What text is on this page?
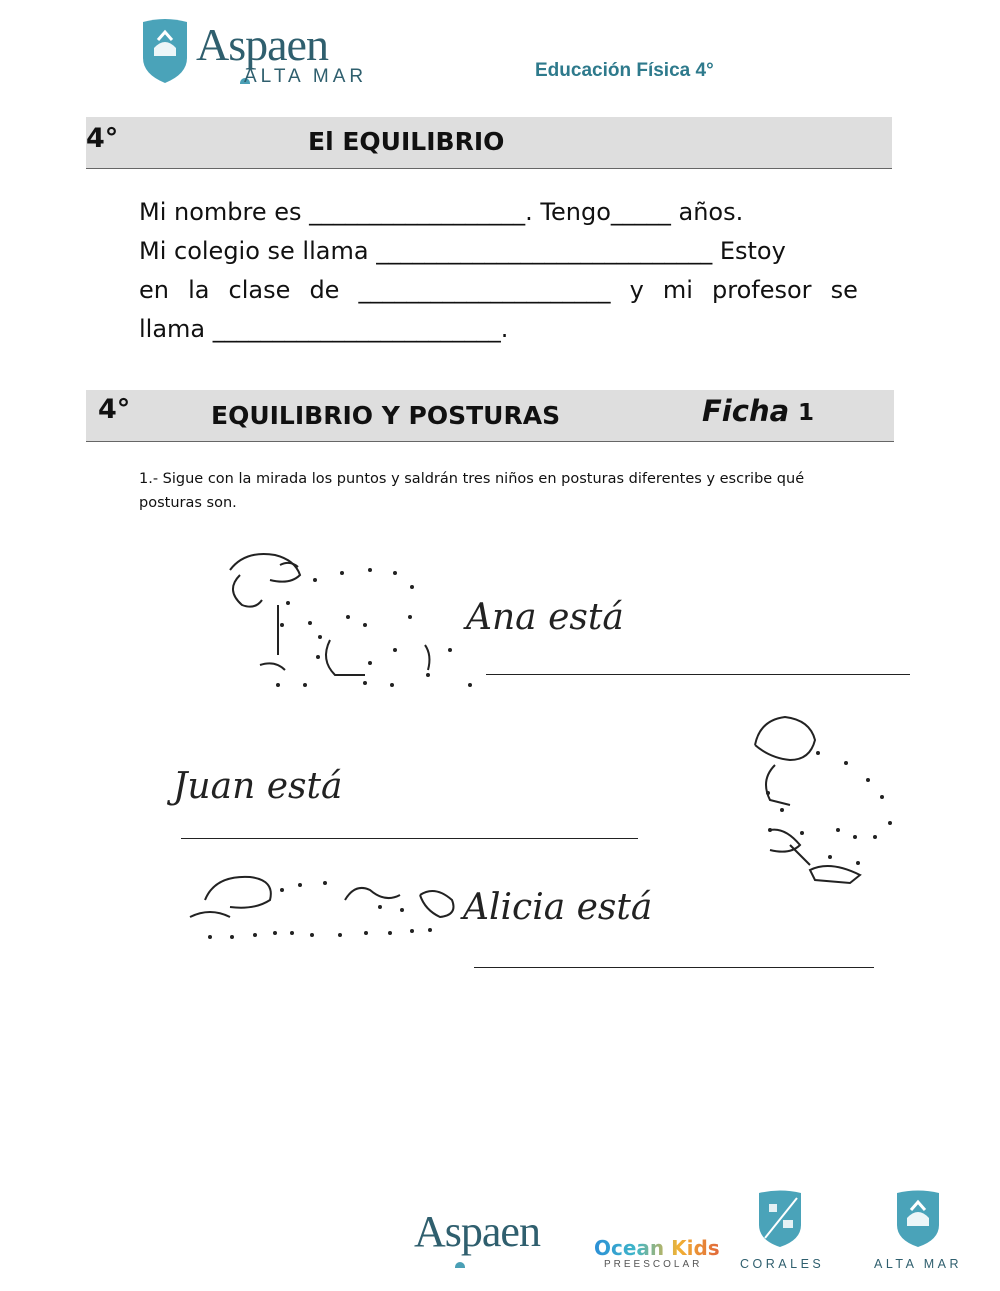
Aspaen
ALTA MAR	Educación Física 4°
4°	El EQUILIBRIO
Mi nombre es __________________. Tengo_____ años.
Mi colegio se llama ____________________________ Estoy
en la clase de _____________________ y mi profesor se
llama ________________________.
4°	EQUILIBRIO Y POSTURAS	Ficha 1
1.- Sigue con la mirada los puntos y saldrán tres niños en posturas diferentes y escribe qué posturas son.
Ana está
Juan está
Alicia está
Aspaen	Ocean Kids
PREESCOLAR	CORALES	ALTA MAR
